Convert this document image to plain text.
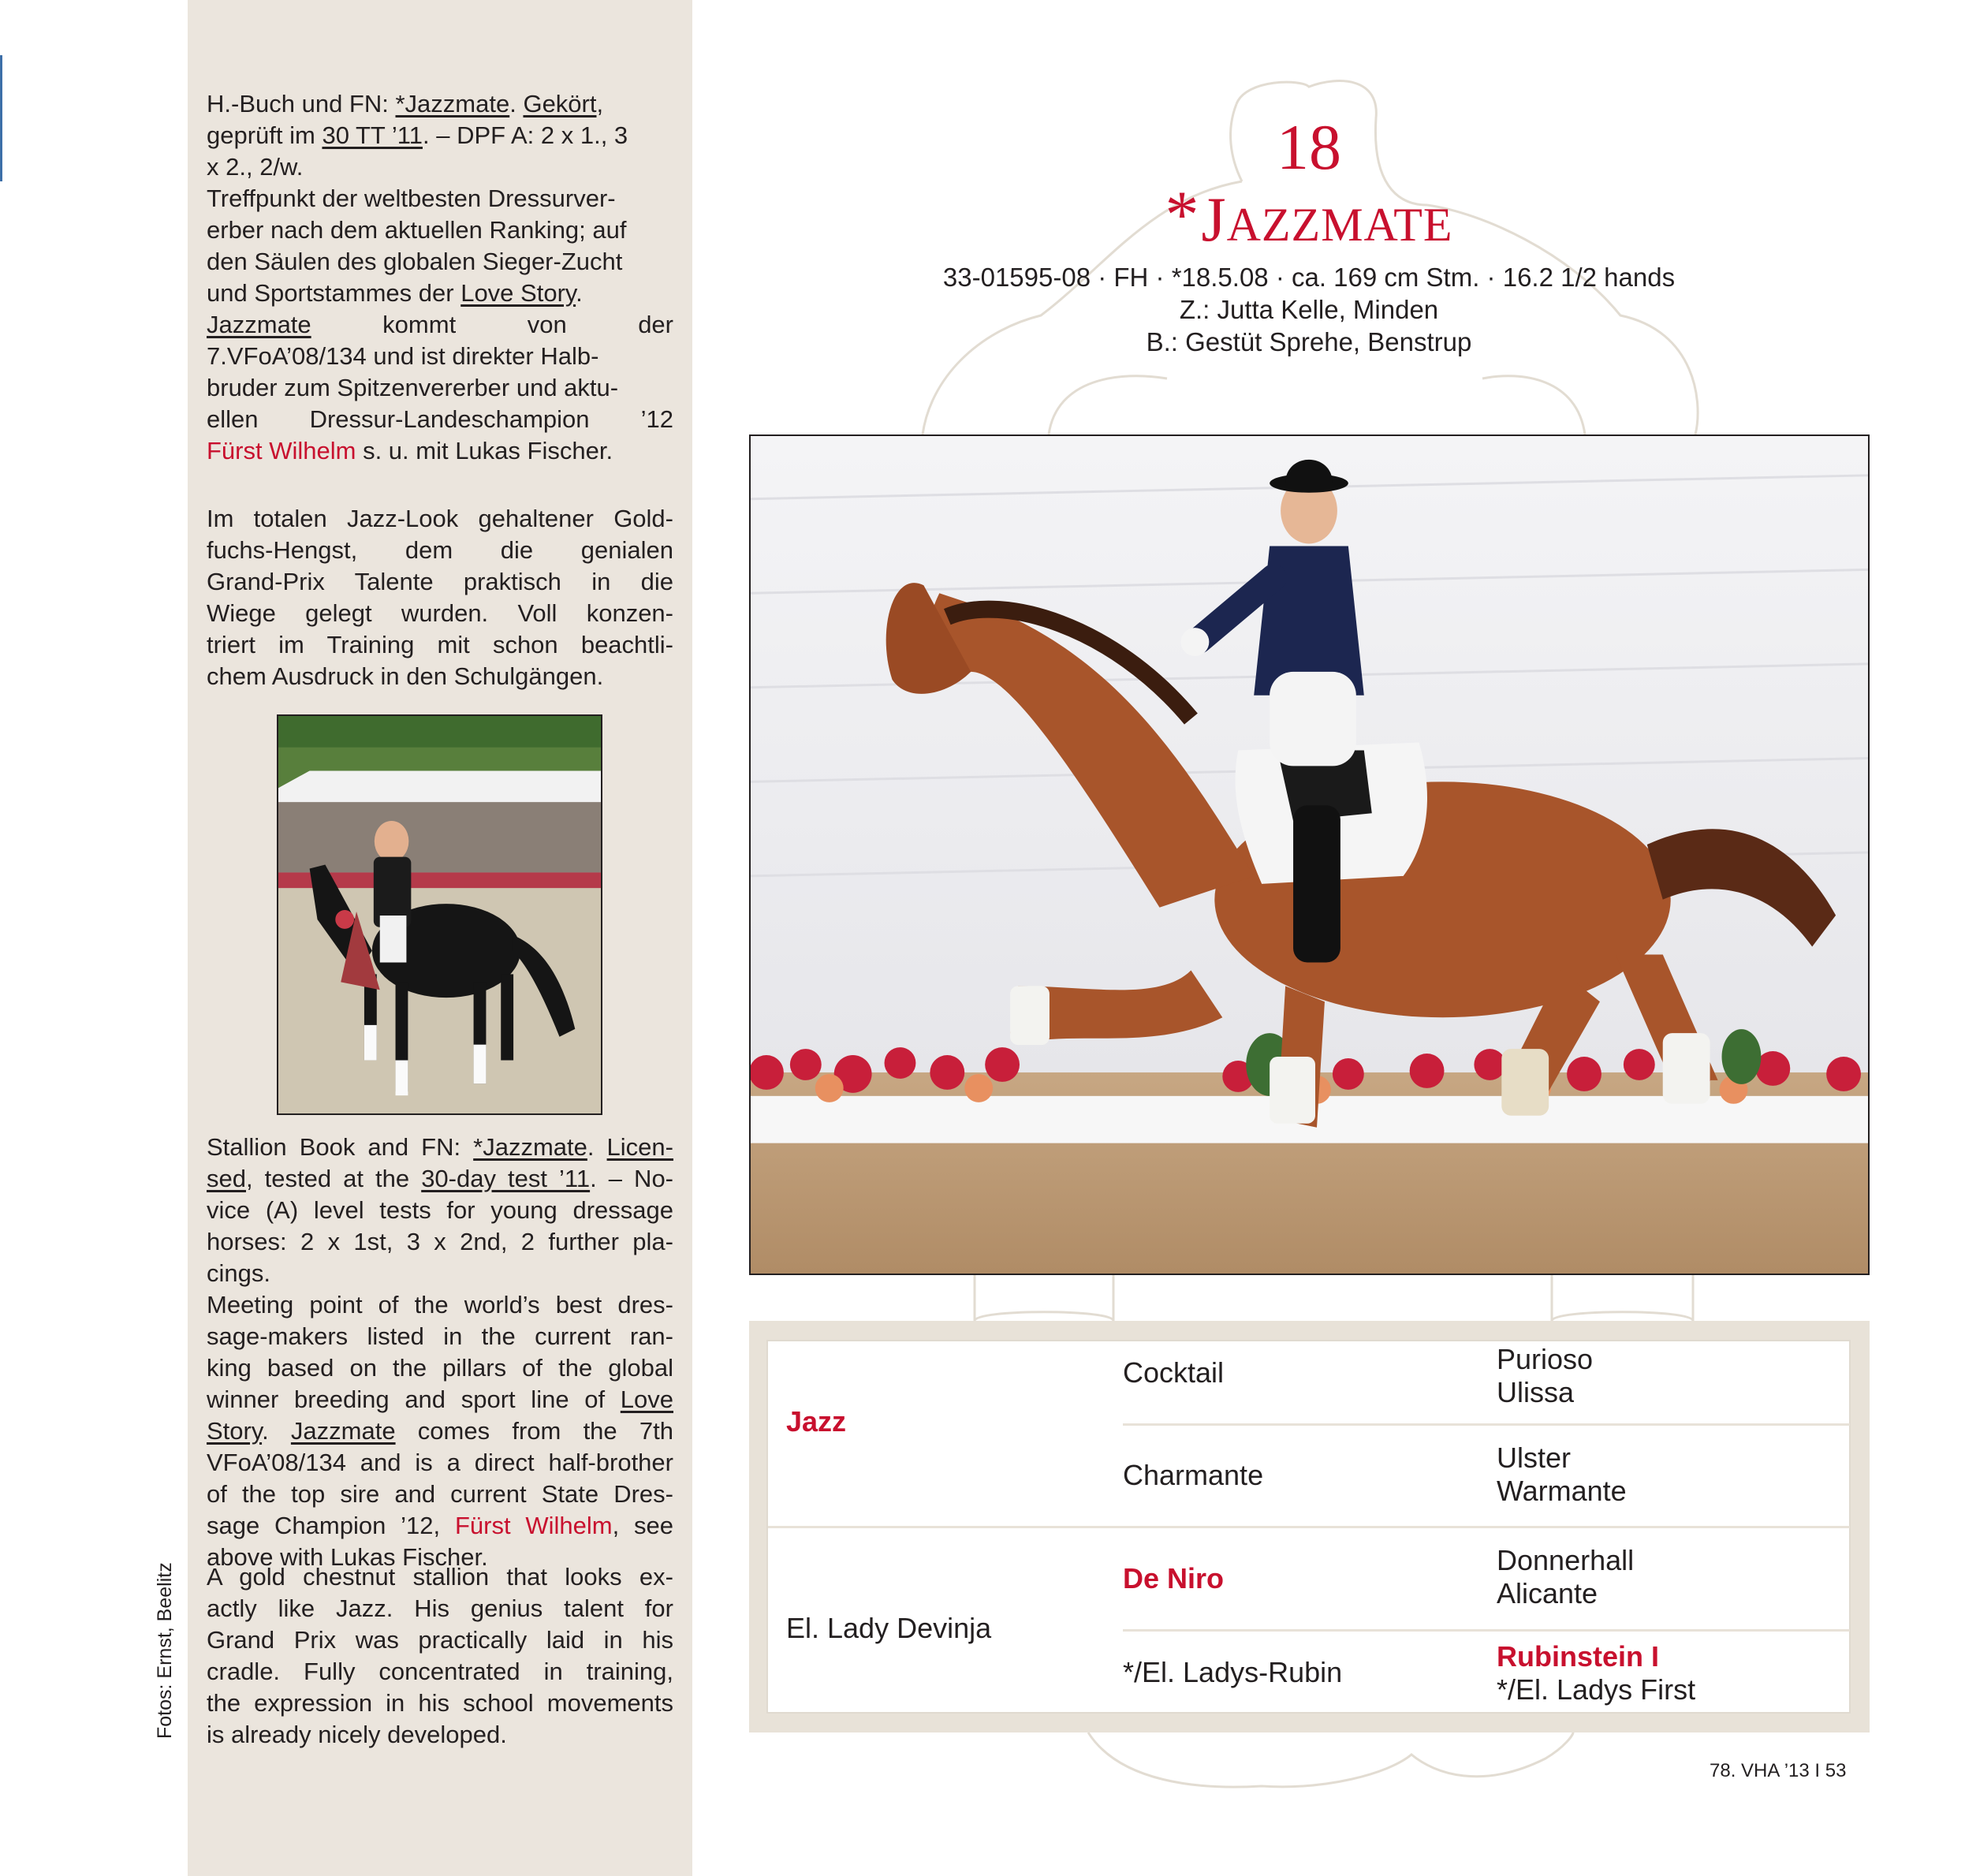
H.-Buch und FN: *Jazzmate. Gekört,

geprüft im 30 TT ’11. – DPF A: 2 x 1., 3

x 2., 2/w.

Treffpunkt der weltbesten Dressurver-

erber nach dem aktuellen Ranking; auf

den Säulen des globalen Sieger-Zucht

und Sportstammes der Love Story.

Jazzmate kommt von der

7.VFoA’08/134 und ist direkter Halb-

bruder zum Spitzenvererber und aktu-

ellen Dressur-Landeschampion ’12

Fürst Wilhelm s. u. mit Lukas Fischer.

Im totalen Jazz-Look gehaltener Gold-

fuchs-Hengst, dem die genialen

Grand-Prix Talente praktisch in die

Wiege gelegt wurden. Voll konzen-

triert im Training mit schon beachtli-

chem Ausdruck in den Schulgängen.

Stallion Book and FN: *Jazzmate. Licen-

sed, tested at the 30-day test ’11. – No-

vice (A) level tests for young dressage

horses: 2 x 1st, 3 x 2nd, 2 further pla-

cings.

Meeting point of the world’s best dres-

sage-makers listed in the current ran-

king based on the pillars of the global

winner breeding and sport line of Love

Story. Jazzmate comes from the 7th

VFoA’08/134 and is a direct half-brother

of the top sire and current State Dres-

sage Champion ’12, Fürst Wilhelm, see

above with Lukas Fischer.

A gold chestnut stallion that looks ex-

actly like Jazz. His genius talent for

Grand Prix was practically laid in his

cradle. Fully concentrated in training,

the expression in his school movements

is already nicely developed.

Fotos: Ernst, Beelitz
18
*JAZZMATE
33-01595-08 · FH · *18.5.08 · ca. 169 cm Stm. · 16.2 1/2 hands
Z.: Jutta Kelle, Minden
B.: Gestüt Sprehe, Benstrup
Jazz
El. Lady Devinja
Cocktail
Charmante
De Niro
*/El. Ladys-Rubin
Purioso
Ulissa
Ulster
Warmante
Donnerhall
Alicante
Rubinstein I
*/El. Ladys First
78. VHA ’13 I 53
